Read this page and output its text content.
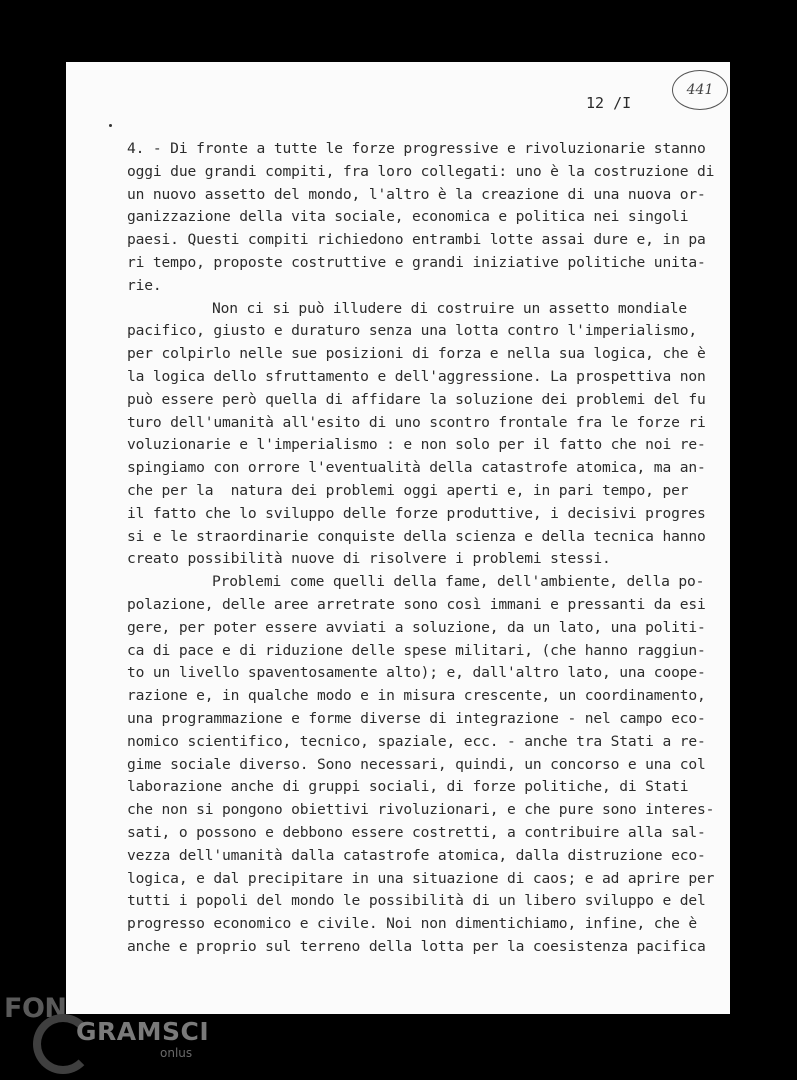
12 /I
441
4. - Di fronte a tutte le forze progressive e rivoluzionarie stanno
oggi due grandi compiti, fra loro collegati: uno è la costruzione di
un nuovo assetto del mondo, l'altro è la creazione di una nuova or-
ganizzazione della vita sociale, economica e politica nei singoli
paesi. Questi compiti richiedono entrambi lotte assai dure e, in pa
ri tempo, proposte costruttive e grandi iniziative politiche unita-
rie.
Non ci si può illudere di costruire un assetto mondiale
pacifico, giusto e duraturo senza una lotta contro l'imperialismo,
per colpirlo nelle sue posizioni di forza e nella sua logica, che è
la logica dello sfruttamento e dell'aggressione. La prospettiva non
può essere però quella di affidare la soluzione dei problemi del fu
turo dell'umanità all'esito di uno scontro frontale fra le forze ri
voluzionarie e l'imperialismo : e non solo per il fatto che noi re-
spingiamo con orrore l'eventualità della catastrofe atomica, ma an-
che per la  natura dei problemi oggi aperti e, in pari tempo, per
il fatto che lo sviluppo delle forze produttive, i decisivi progres
si e le straordinarie conquiste della scienza e della tecnica hanno
creato possibilità nuove di risolvere i problemi stessi.
Problemi come quelli della fame, dell'ambiente, della po-
polazione, delle aree arretrate sono così immani e pressanti da esi
gere, per poter essere avviati a soluzione, da un lato, una politi-
ca di pace e di riduzione delle spese militari, (che hanno raggiun-
to un livello spaventosamente alto); e, dall'altro lato, una coope-
razione e, in qualche modo e in misura crescente, un coordinamento,
una programmazione e forme diverse di integrazione - nel campo eco-
nomico scientifico, tecnico, spaziale, ecc. - anche tra Stati a re-
gime sociale diverso. Sono necessari, quindi, un concorso e una col
laborazione anche di gruppi sociali, di forze politiche, di Stati
che non si pongono obiettivi rivoluzionari, e che pure sono interes-
sati, o possono e debbono essere costretti, a contribuire alla sal-
vezza dell'umanità dalla catastrofe atomica, dalla distruzione eco-
logica, e dal precipitare in una situazione di caos; e ad aprire per
tutti i popoli del mondo le possibilità di un libero sviluppo e del
progresso economico e civile. Noi non dimentichiamo, infine, che è
anche e proprio sul terreno della lotta per la coesistenza pacifica
FON
GRAMSCI
onlus
